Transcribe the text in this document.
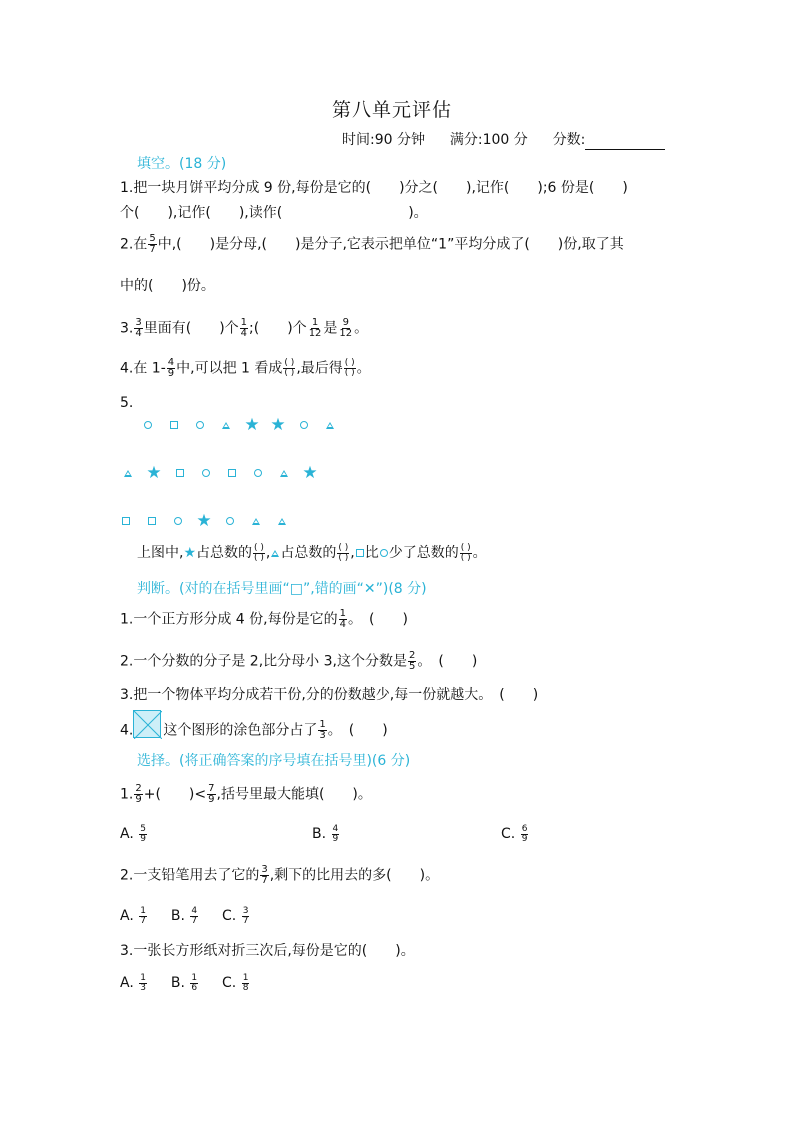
第八单元评估
时间:90 分钟 满分:100 分 分数:
填空。(18 分)
1.把一块月饼平均分成 9 份,每份是它的(　　)分之(　　),记作(　　);6 份是(　　)
个(　　),记作(　　),读作(　　　　　　　　　)。
2.在 $\frac{5}{7}$ 中,(　　)是分母,(　　)是分子,它表示把单位“1”平均分成了(　　)份,取了其
中的(　　)份。
3. $\frac{3}{4}$ 里面有(　　)个 $\frac{1}{4}$ ;(　　)个 $\frac{1}{12}$ 是 $\frac{9}{12}$ 。
4.在 $1- \frac{4}{9}$ 中,可以把 1 看成 $\frac{( )}{( )}$ ,最后得 $\frac{( )}{( )}$ 。
5.
★ ★
★	★
★
上图中,★占总数的 $\frac{( )}{( )}$ , 占总数的 $\frac{( )}{( )}$ , 比 少了总数的 $\frac{( )}{( )}$ 。
判断。(对的在括号里画“□”,错的画“✕”)(8 分)
1.一个正方形分成 4 份,每份是它的 $\frac{1}{4}$ 。　(　　)
2.一个分数的分子是 2,比分母小 3,这个分数是 $\frac{2}{5}$ 。　(　　)
3.把一个物体平均分成若干份,分的份数越少,每一份就越大。　(　　)
4. 这个图形的涂色部分占了 $\frac{1}{3}$ 。　(　　)
选择。(将正确答案的序号填在括号里)(6 分)
1. $\frac{2}{9}$ +(　　)< $\frac{7}{9}$ ,括号里最大能填(　　)。
A. $\frac{5}{9}$	B. $\frac{4}{9}$	C. $\frac{6}{9}$
2.一支铅笔用去了它的 $\frac{3}{7}$ ,剩下的比用去的多(　　)。
A. $\frac{1}{7} B$. $\frac{4}{7} C$. $\frac{3}{7}$
3.一张长方形纸对折三次后,每份是它的(　　)。
A. $\frac{1}{3} B$. $\frac{1}{6} C$. $\frac{1}{8}$
